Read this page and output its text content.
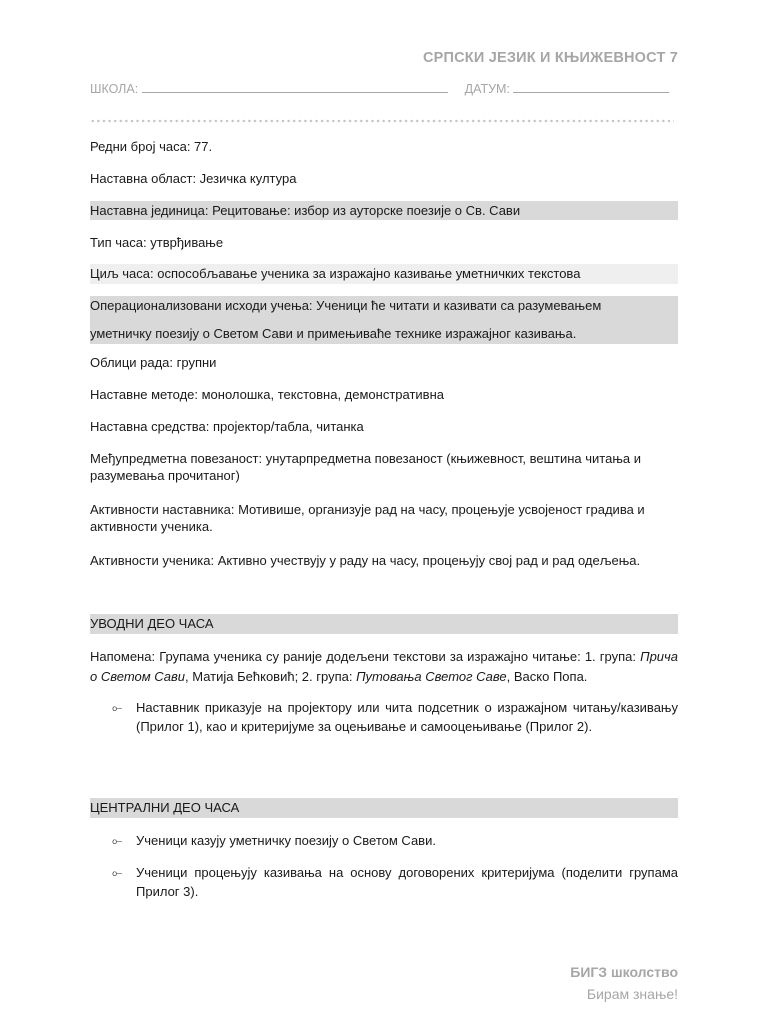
СРПСКИ ЈЕЗИК И КЊИЖЕВНОСТ 7
ШКОЛА:	ДАТУМ:
Редни број часа: 77.
Наставна област: Језичка култура
Наставна јединица: Рецитовање: избор из ауторске поезије о Св. Сави
Тип часа: утврђивање
Циљ часа: оспособљавање ученика за изражајно казивање уметничких текстова
Операционализовани исходи учења: Ученици ће читати и казивати са разумевањем
уметничку поезију о Светом Сави и примењиваће технике изражајног казивања.
Облици рада: групни
Наставне методе: монолошка, текстовна, демонстративна
Наставна средства: пројектор/табла, читанка
Међупредметна повезаност: унутарпредметна повезаност (књижевност, вештина читања и разумевања прочитаног)
Активности наставника: Мотивише, организује рад на часу, процењује усвојеност градива и активности ученика.
Активности ученика: Активно учествују у раду на часу, процењују свој рад и рад одељења.
УВОДНИ ДЕО ЧАСА
Напомена: Групама ученика су раније додељени текстови за изражајно читање: 1. група: Прича о Светом Сави, Матија Бећковић; 2. група: Путовања Светог Саве, Васко Попа.
⟜ Наставник приказује на пројектору или чита подсетник о изражајном читању/казивању (Прилог 1), као и критеријуме за оцењивање и самооцењивање (Прилог 2).
ЦЕНТРАЛНИ ДЕО ЧАСА
⟜ Ученици казују уметничку поезију о Светом Сави.
⟜ Ученици процењују казивања на основу договорених критеријума (поделити групама Прилог 3).
БИГЗ школство
Бирам знање!
